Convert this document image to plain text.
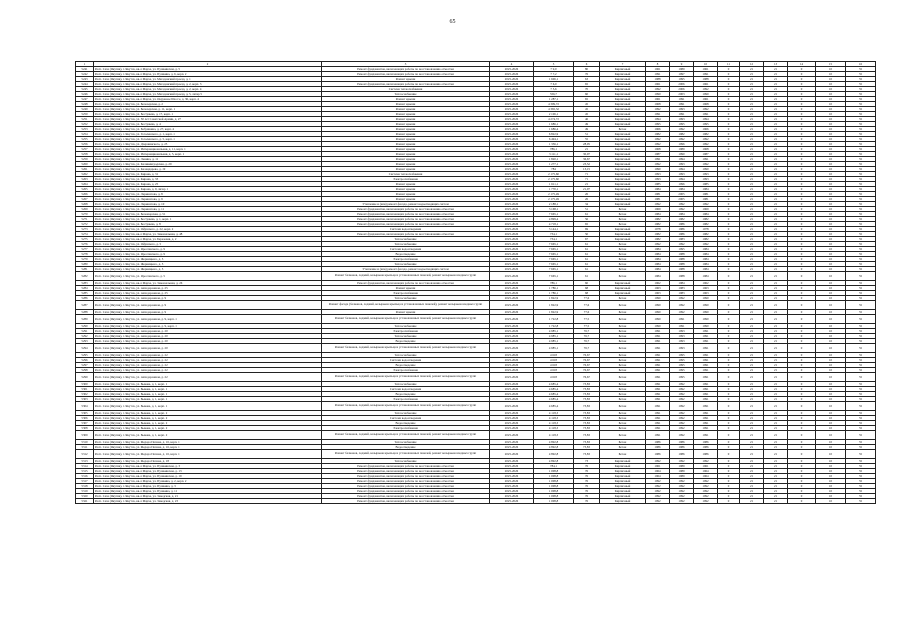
65
1	2	3	4	5	6	7	8	9	10	11	12	13	14	15	16
5241	Респ. Саха (Якутия), г. Якутск, кв-л Марха, ул. Пушкинская, д. 5	Ремонт фундаментов, включающих работы по восстановлению отмостки	2025-2026	7 9,0	80	Кирпичный	1961	1989	1961	0	21	21	0	10	55
5242	Респ. Саха (Якутия), г. Якутск, кв-л Марха, ул. Пушкина, д. 6, корп. 2	Ремонт фундаментов, включающих работы по восстановлению отмостки	2025-2026	7 7,2	76	Кирпичный	1991	1997	1991	0	21	21	0	10	55
5243	Респ. Саха (Якутия), г. Якутск, кв-л Марха, ул. Магаданский проезд, д. 1	Ремонт крыши	2025-2026	1 606,1	63	Кирпичный	1988	1995	1988	0	21	21	0	10	55
5244	Респ. Саха (Якутия), г. Якутск, кв-л Марха, ул. Магаданский проезд, д. 2, корп. 3	Ремонт фундаментов, включающих работы по восстановлению отмостки	2025-2026	7 6,0	65	Кирпичный	1961	2006	1961	0	21	21	0	10	55
5245	Респ. Саха (Якутия), г. Якутск, кв-л Марха, ул. Магаданский проезд, д. 2, корп. 4	Система теплоснабжения	2025-2026	7 5,6	70	Кирпичный	1992	2006	1992	0	21	21	0	10	55
5246	Респ. Саха (Якутия), г. Якутск, кв-л Марха, ул. Магаданский проезд, д. 5, литер 5	Теплоснабжение	2025-2026	556,7	60	Кирпичный	1990	2003	1990	0	21	21	0	10	55
5247	Респ. Саха (Якутия), г. Якутск, кв-л Марха, ул. Окружное Шоссе, д. 36, корп. 4	Ремонт крыши	2025-2026	1 287,1	65	Кирпичный	1961	1991	1961	0	21	21	0	10	55
5248	Респ. Саха (Якутия), г. Якутск, ул. Белозерская, д. 2	Ремонт крыши	2025-2026	4 309,72	45	Кирпичный	1968	1991	1968	0	21	21	0	10	55
5249	Респ. Саха (Якутия), г. Якутск, ул. Белозерская, д. 11, корп. 1	Ремонт крыши	2025-2026	4 365,32	45	Кирпичный	1992	1993	1992	0	21	21	0	10	55
5250	Респ. Саха (Якутия), г. Якутск, ул. Бестужева, д. 17, корп. 1	Ремонт крыши	2025-2026	2 106,1	45	Кирпичный	1991	1991	1991	0	21	21	0	10	55
5251	Респ. Саха (Якутия), г. Якутск, ул. 50 лет Советской Армии, д. 27	Ремонт крыши	2025-2026	4 274,72	46	Кирпичный	1994	1993	1994	0	21	21	0	10	55
5252	Респ. Саха (Якутия), г. Якутск, ул. Бестужева, д. 4	Ремонт крыши	2025-2026	1 686,1	49	Кирпичный	1995	1995	1995	0	21	21	0	10	55
5253	Респ. Саха (Якутия), г. Якутск, ул. Бабушкина, д. 27, корп. 4	Ремонт крыши	2025-2026	1 686,4	49	Бетон	1966	1992	1966	0	21	21	0	10	55
5254	Респ. Саха (Якутия), г. Якутск, ул. Гоголевского, д. 1, корп. 1	Ремонт крыши	2025-2026	6 822,9	51	Кирпичный	1982	1982	1982	0	21	21	0	10	55
5255	Респ. Саха (Якутия), г. Якутск, ул. Гоголевского, д. 5, корп. 1	Ремонт крыши	2025-2026	6 494,1	55	Кирпичный	1992	1992	1992	0	21	21	0	10	55
5256	Респ. Саха (Якутия), г. Якутск, ул. Дзержинского, д. 25	Ремонт крыши	2025-2026	1 356,1	28,05	Кирпичный	1992	1996	1992	0	21	21	0	10	55
5257	Респ. Саха (Якутия), г. Якутск, ул. Интернациональная, д. 11, корп. 1	Ремонт крыши	2025-2026	786,1	21	Кирпичный	1968	1989	1968	0	21	21	0	10	55
5258	Респ. Саха (Якутия), г. Якутск, ул. Интернациональная, д. 5, корп. 1	Ремонт крыши	2025-2026	3 111,1	30,07	Кирпичный	1987	1990	1987	0	21	21	0	10	55
5259	Респ. Саха (Якутия), г. Якутск, ул. Ленина, д. 11	Ремонт крыши	2025-2026	1 820,1	36,67	Кирпичный	1991	1994	1991	0	21	21	0	10	55
5260	Респ. Саха (Якутия), г. Якутск, ул. Калининградская, д. 29	Ремонт крыши	2025-2026	1 277,1	23,52	Кирпичный	1992	1993	1992	0	21	21	0	10	55
5261	Респ. Саха (Якутия), г. Якутск, ул. Каландарова, д. 19	Ремонт крыши	2025-2026	784	13,15	Кирпичный	1990	1994	1990	0	21	21	0	10	55
5262	Респ. Саха (Якутия), г. Якутск, ул. Кирова, д. 31	Система теплоснабжения	2025-2026	2 175,60	71	Кирпичный	1993	1993	1993	0	21	21	0	10	55
5263	Респ. Саха (Якутия), г. Якутск, ул. Кирова, д. 33	Электроснабжение	2025-2026	2 175,60	71	Кирпичный	1993	1994	1993	0	21	21	0	10	55
5264	Респ. Саха (Якутия), г. Якутск, ул. Кирова, д. 25	Ремонт крыши	2025-2026	1 611,1	21	Кирпичный	1985	1996	1985	0	21	21	0	10	55
5265	Респ. Саха (Якутия), г. Якутск, ул. Кирова, д. 9, литер 1	Ремонт крыши	2025-2026	1 770,1	21,07	Кирпичный	1984	1984	1984	0	21	21	0	10	55
5266	Респ. Саха (Якутия), г. Якутск, ул. Лермонтова, д. 8	Ремонт крыши	2025-2026	2 175,49	26	Кирпичный	1981	2005	1981	0	21	21	0	10	55
5267	Респ. Саха (Якутия), г. Якутск, ул. Лермонтова, д. 9	Ремонт крыши	2025-2026	2 175,49	26	Кирпичный	1981	2005	1981	0	21	21	0	10	55
5268	Респ. Саха (Якутия), г. Якутск, ул. Лермонтова, д. 10	Утепление и (или) ремонт фасада, ремонт водоотводящих систем	2025-2026	2 188,1	34	Кирпичный	1992	1992	1992	0	21	21	0	10	55
5269	Респ. Саха (Якутия), г. Якутск, ул. Лермонтова, д. 11	Ремонт фундаментов, включающих работы по восстановлению отмостки	2025-2026	3 168,1	51	Бетон	1969	1992	1969	0	21	21	0	10	55
5270	Респ. Саха (Якутия), г. Якутск, ул. Беломорская, д. 51	Ремонт фундаментов, включающих работы по восстановлению отмостки	2025-2026	7 665,1	61	Бетон	1984	1984	1984	0	21	21	0	10	55
5271	Респ. Саха (Якутия), г. Якутск, ул. Бестужева, д. 1, корп. 1	Ремонт фундаментов, включающих работы по восстановлению отмостки	2025-2026	4 899,4	56	Бетон	1982	1982	1982	0	21	21	0	10	55
5272	Респ. Саха (Якутия), г. Якутск, ул. Бестужева, д. 8	Ремонт фундаментов, включающих работы по восстановлению отмостки	2025-2026	4 718,1	65	Бетон	1982	1986	1982	0	21	21	0	10	55
5273	Респ. Саха (Якутия), г. Якутск, ул. Ойунского, д. 22, корп. 2	Система водоотведения	2025-2026	3 144,1	69	Кирпичный	1978	1986	1978	0	21	21	0	10	55
5274	Респ. Саха (Якутия), г. Якутск, кв-л Марха, ул. Завокзальная, д. 48	Ремонт фундаментов, включающих работы по восстановлению отмостки	2025-2026	734,1	50	Кирпичный	1982	1986	1982	0	21	21	0	10	55
5275	Респ. Саха (Якутия), г. Якутск, кв-л Марха, ул. Березовая, д. 2	Теплоснабжение	2025-2026	734,1	67	Кирпичный	1982	1983	1982	0	21	21	0	10	55
5276	Респ. Саха (Якутия), г. Якутск, ул. Ойунского, д. 5	Теплоснабжение	2025-2026	7 665,1	61	Бетон	1992	1992	1992	0	21	21	0	10	55
5277	Респ. Саха (Якутия), г. Якутск, ул. Ярославского, д. 9	Система водоотведения	2025-2026	7 665,1	61	Бетон	1984	1995	1984	0	21	21	0	10	55
5278	Респ. Саха (Якутия), г. Якутск, ул. Ярославского, д. 9	Водоотведение	2025-2026	7 665,1	61	Бетон	1984	1988	1984	0	21	21	0	10	55
5279	Респ. Саха (Якутия), г. Якутск, ул. Жорницкого, д. 5	Электроснабжение	2025-2026	7 665,1	61	Бетон	1984	1988	1984	0	21	21	0	10	55
5280	Респ. Саха (Якутия), г. Якутск, ул. Жорницкого, д. 5	Теплоснабжение	2025-2026	7 665,1	61	Бетон	1984	1988	1984	0	21	21	0	10	55
5281	Респ. Саха (Якутия), г. Якутск, ул. Жорницкого, д. 5	Утепление и (или) ремонт фасада, ремонт водоотводящих систем	2025-2026	7 665,1	61	Бетон	1984	1988	1984	0	21	21	0	10	55
5282	Респ. Саха (Якутия), г. Якутск, ул. Ярославского, д. 5	Ремонт балконов, лоджий, козырьков крыльца и установленных панелей, ремонт козырьков входных групп	2025-2026	7 665,1	61	Бетон	1984	1988	1984	0	21	21	0	10	55
5283	Респ. Саха (Якутия), г. Якутск, кв-л Марха, ул. Завокзальная, д. 26	Ремонт фундаментов, включающих работы по восстановлению отмостки	2025-2026	786,1	60	Кирпичный	1962	1984	1962	0	21	21	0	10	55
5284	Респ. Саха (Якутия), г. Якутск, ул. Автодорожная, д. 25	Ремонт крыши	2025-2026	1 786,1	68	Кирпичный	1963	1983	1963	0	21	21	0	10	55
5285	Респ. Саха (Якутия), г. Якутск, ул. Автодорожная, д. 25	Электроснабжение	2025-2026	1 786,1	68	Кирпичный	1963	1983	1963	0	21	21	0	10	55
5286	Респ. Саха (Якутия), г. Якутск, ул. Автодорожная, д. 9	Теплоснабжение	2025-2026	1 822,9	77,6	Бетон	1990	1992	1990	0	21	21	0	10	55
5287	Респ. Саха (Якутия), г. Якутск, ул. Автодорожная, д. 9	Ремонт фасада (балконов, лоджий, козырьков крыльца и установленных панелей), ремонт козырьков входных групп	2025-2026	1 822,9	77,6	Бетон	1990	1992	1990	0	21	21	0	10	55
5288	Респ. Саха (Якутия), г. Якутск, ул. Автодорожная, д. 9	Ремонт крыши	2025-2026	1 822,9	77,6	Бетон	1990	1992	1990	0	21	21	0	10	55
5289	Респ. Саха (Якутия), г. Якутск, ул. Автодорожная, д. 9, корп. 1	Ремонт балконов, лоджий, козырьков крыльца и установленных панелей, ремонт козырьков входных групп	2025-2026	1 722,8	77,5	Бетон	1990	1991	1990	0	21	21	0	10	55
5290	Респ. Саха (Якутия), г. Якутск, ул. Автодорожная, д. 9, корп. 1	Теплоснабжение	2025-2026	1 722,8	77,5	Бетон	1990	1991	1990	0	21	21	0	10	55
5291	Респ. Саха (Якутия), г. Якутск, ул. Автодорожная, д. 20	Электроснабжение	2025-2026	4 985,1	76,7	Бетон	1991	1993	1991	0	21	21	0	10	55
5292	Респ. Саха (Якутия), г. Якутск, ул. Автодорожная, д. 20	Теплоснабжение	2025-2026	4 985,1	76,7	Бетон	1991	1993	1991	0	21	21	0	10	55
5293	Респ. Саха (Якутия), г. Якутск, ул. Автодорожная, д. 20	Водоотведение	2025-2026	4 985,1	76,7	Бетон	1991	1993	1991	0	21	21	0	10	55
5294	Респ. Саха (Якутия), г. Якутск, ул. Автодорожная, д. 20	Ремонт балконов, лоджий, козырьков крыльца и установленных панелей, ремонт козырьков входных групп	2025-2026	4 985,1	76,7	Бетон	1991	1993	1991	0	21	21	0	10	55
5295	Респ. Саха (Якутия), г. Якутск, ул. Автодорожная, д. 22	Теплоснабжение	2025-2026	4 618	76,67	Бетон	1991	1995	1991	0	21	21	0	10	55
5296	Респ. Саха (Якутия), г. Якутск, ул. Автодорожная, д. 22	Система водоотведения	2025-2026	4 618	76,67	Бетон	1991	1995	1991	0	21	21	0	10	55
5297	Респ. Саха (Якутия), г. Якутск, ул. Автодорожная, д. 22	Водоотведение	2025-2026	4 618	76,67	Бетон	1991	1995	1991	0	21	21	0	10	55
5298	Респ. Саха (Якутия), г. Якутск, ул. Автодорожная, д. 22	Электроснабжение	2025-2026	4 618	76,67	Бетон	1991	1995	1991	0	21	21	0	10	55
5299	Респ. Саха (Якутия), г. Якутск, ул. Автодорожная, д. 22	Ремонт балконов, лоджий, козырьков крыльца и установленных панелей, ремонт козырьков входных групп	2025-2026	4 618	76,67	Бетон	1991	1995	1991	0	21	21	0	10	55
5300	Респ. Саха (Якутия), г. Якутск, ул. Быкова, д. 1, корп. 1	Теплоснабжение	2025-2026	4 685,4	73,83	Бетон	1991	1992	1991	0	21	21	0	10	55
5301	Респ. Саха (Якутия), г. Якутск, ул. Быкова, д. 1, корп. 1	Система водоотведения	2025-2026	4 685,4	73,83	Бетон	1991	1992	1991	0	21	21	0	10	55
5302	Респ. Саха (Якутия), г. Якутск, ул. Быкова, д. 1, корп. 1	Водоотведение	2025-2026	4 685,4	73,83	Бетон	1991	1992	1991	0	21	21	0	10	55
5303	Респ. Саха (Якутия), г. Якутск, ул. Быкова, д. 1, корп. 1	Электроснабжение	2025-2026	4 685,4	73,83	Бетон	1991	1992	1991	0	21	21	0	10	55
5304	Респ. Саха (Якутия), г. Якутск, ул. Быкова, д. 1, корп. 1	Ремонт балконов, лоджий, козырьков крыльца и установленных панелей, ремонт козырьков входных групп	2025-2026	4 685,4	73,83	Бетон	1991	1992	1991	0	21	21	0	10	55
5305	Респ. Саха (Якутия), г. Якутск, ул. Быкова, д. 1, корп. 2	Теплоснабжение	2025-2026	4 118,3	73,83	Бетон	1991	1992	1991	0	21	21	0	10	55
5306	Респ. Саха (Якутия), г. Якутск, ул. Быкова, д. 1, корп. 2	Система водоотведения	2025-2026	4 118,3	73,83	Бетон	1991	1992	1991	0	21	21	0	10	55
5307	Респ. Саха (Якутия), г. Якутск, ул. Быкова, д. 1, корп. 2	Водоотведение	2025-2026	4 118,3	73,83	Бетон	1991	1992	1991	0	21	21	0	10	55
5308	Респ. Саха (Якутия), г. Якутск, ул. Быкова, д. 1, корп. 2	Электроснабжение	2025-2026	4 118,3	73,83	Бетон	1991	1992	1991	0	21	21	0	10	55
5309	Респ. Саха (Якутия), г. Якутск, ул. Быкова, д. 1, корп. 2	Ремонт балконов, лоджий, козырьков крыльца и установленных панелей, ремонт козырьков входных групп	2025-2026	4 118,3	73,83	Бетон	1991	1992	1991	0	21	21	0	10	55
5310	Респ. Саха (Якутия), г. Якутск, ул. Федора Попова, д. 16, корп. 1	Теплоснабжение	2025-2026	4 892,8	73,83	Бетон	1986	1986	1986	0	21	21	0	10	55
5311	Респ. Саха (Якутия), г. Якутск, ул. Федора Попова, д. 16, корп. 1	Водоотведение	2025-2026	4 892,8	73,83	Бетон	1986	1986	1986	0	21	21	0	10	55
5312	Респ. Саха (Якутия), г. Якутск, ул. Федора Попова, д. 16, корп. 1	Ремонт балконов, лоджий, козырьков крыльца и установленных панелей, ремонт козырьков входных групп	2025-2026	4 892,8	73,83	Бетон	1986	1986	1986	0	21	21	0	10	55
5313	Респ. Саха (Якутия), г. Якутск, ул. Федора Попова, д. 18	Теплоснабжение	2025-2026	4 892,8	73	Кирпичный	1992	1992	1992	0	21	21	0	10	55
5314	Респ. Саха (Якутия), г. Якутск, кв-л Марха, ул. Пушкинская, д. 3	Ремонт фундаментов, включающих работы по восстановлению отмостки	2025-2026	784,1	76	Кирпичный	1961	1989	1961	0	21	21	0	10	55
5315	Респ. Саха (Якутия), г. Якутск, кв-л Марха, ул. Пушкинская, д. 13	Ремонт фундаментов, включающих работы по восстановлению отмостки	2025-2026	1 008,8	76	Кирпичный	1964	1989	1964	0	21	21	0	10	55
5316	Респ. Саха (Якутия), г. Якутск, кв-л Марха, ул. Пушкинская, д. 19	Ремонт фундаментов, включающих работы по восстановлению отмостки	2025-2026	1 008,8	76	Кирпичный	1964	1989	1964	0	21	21	0	10	55
5317	Респ. Саха (Якутия), г. Якутск, кв-л Марха, ул. Пушкина, д. 2, корп. 2	Ремонт фундаментов, включающих работы по восстановлению отмостки	2025-2026	1 008,8	76	Кирпичный	1992	1992	1992	0	21	21	0	10	55
5318	Респ. Саха (Якутия), г. Якутск, кв-л Марха, ул. Пушкина, д. 3	Ремонт фундаментов, включающих работы по восстановлению отмостки	2025-2026	1 008,8	76	Кирпичный	1992	1992	1992	0	21	21	0	10	55
5319	Респ. Саха (Якутия), г. Якутск, кв-л Марха, ул. Пушкина, д. 11	Ремонт фундаментов, включающих работы по восстановлению отмостки	2025-2026	1 008,8	76	Кирпичный	1992	1992	1992	0	21	21	0	10	55
5320	Респ. Саха (Якутия), г. Якутск, кв-л Марха, ул. Заводская, д. 21	Ремонт фундаментов, включающих работы по восстановлению отмостки	2025-2026	1 008,8	76	Кирпичный	1992	1992	1992	0	21	21	0	10	55
5321	Респ. Саха (Якутия), г. Якутск, кв-л Марха, ул. Заводская, д. 23	Ремонт фундаментов, включающих работы по восстановлению отмостки	2025-2026	1 008,8	76	Кирпичный	1992	1992	1992	0	21	21	0	10	55
